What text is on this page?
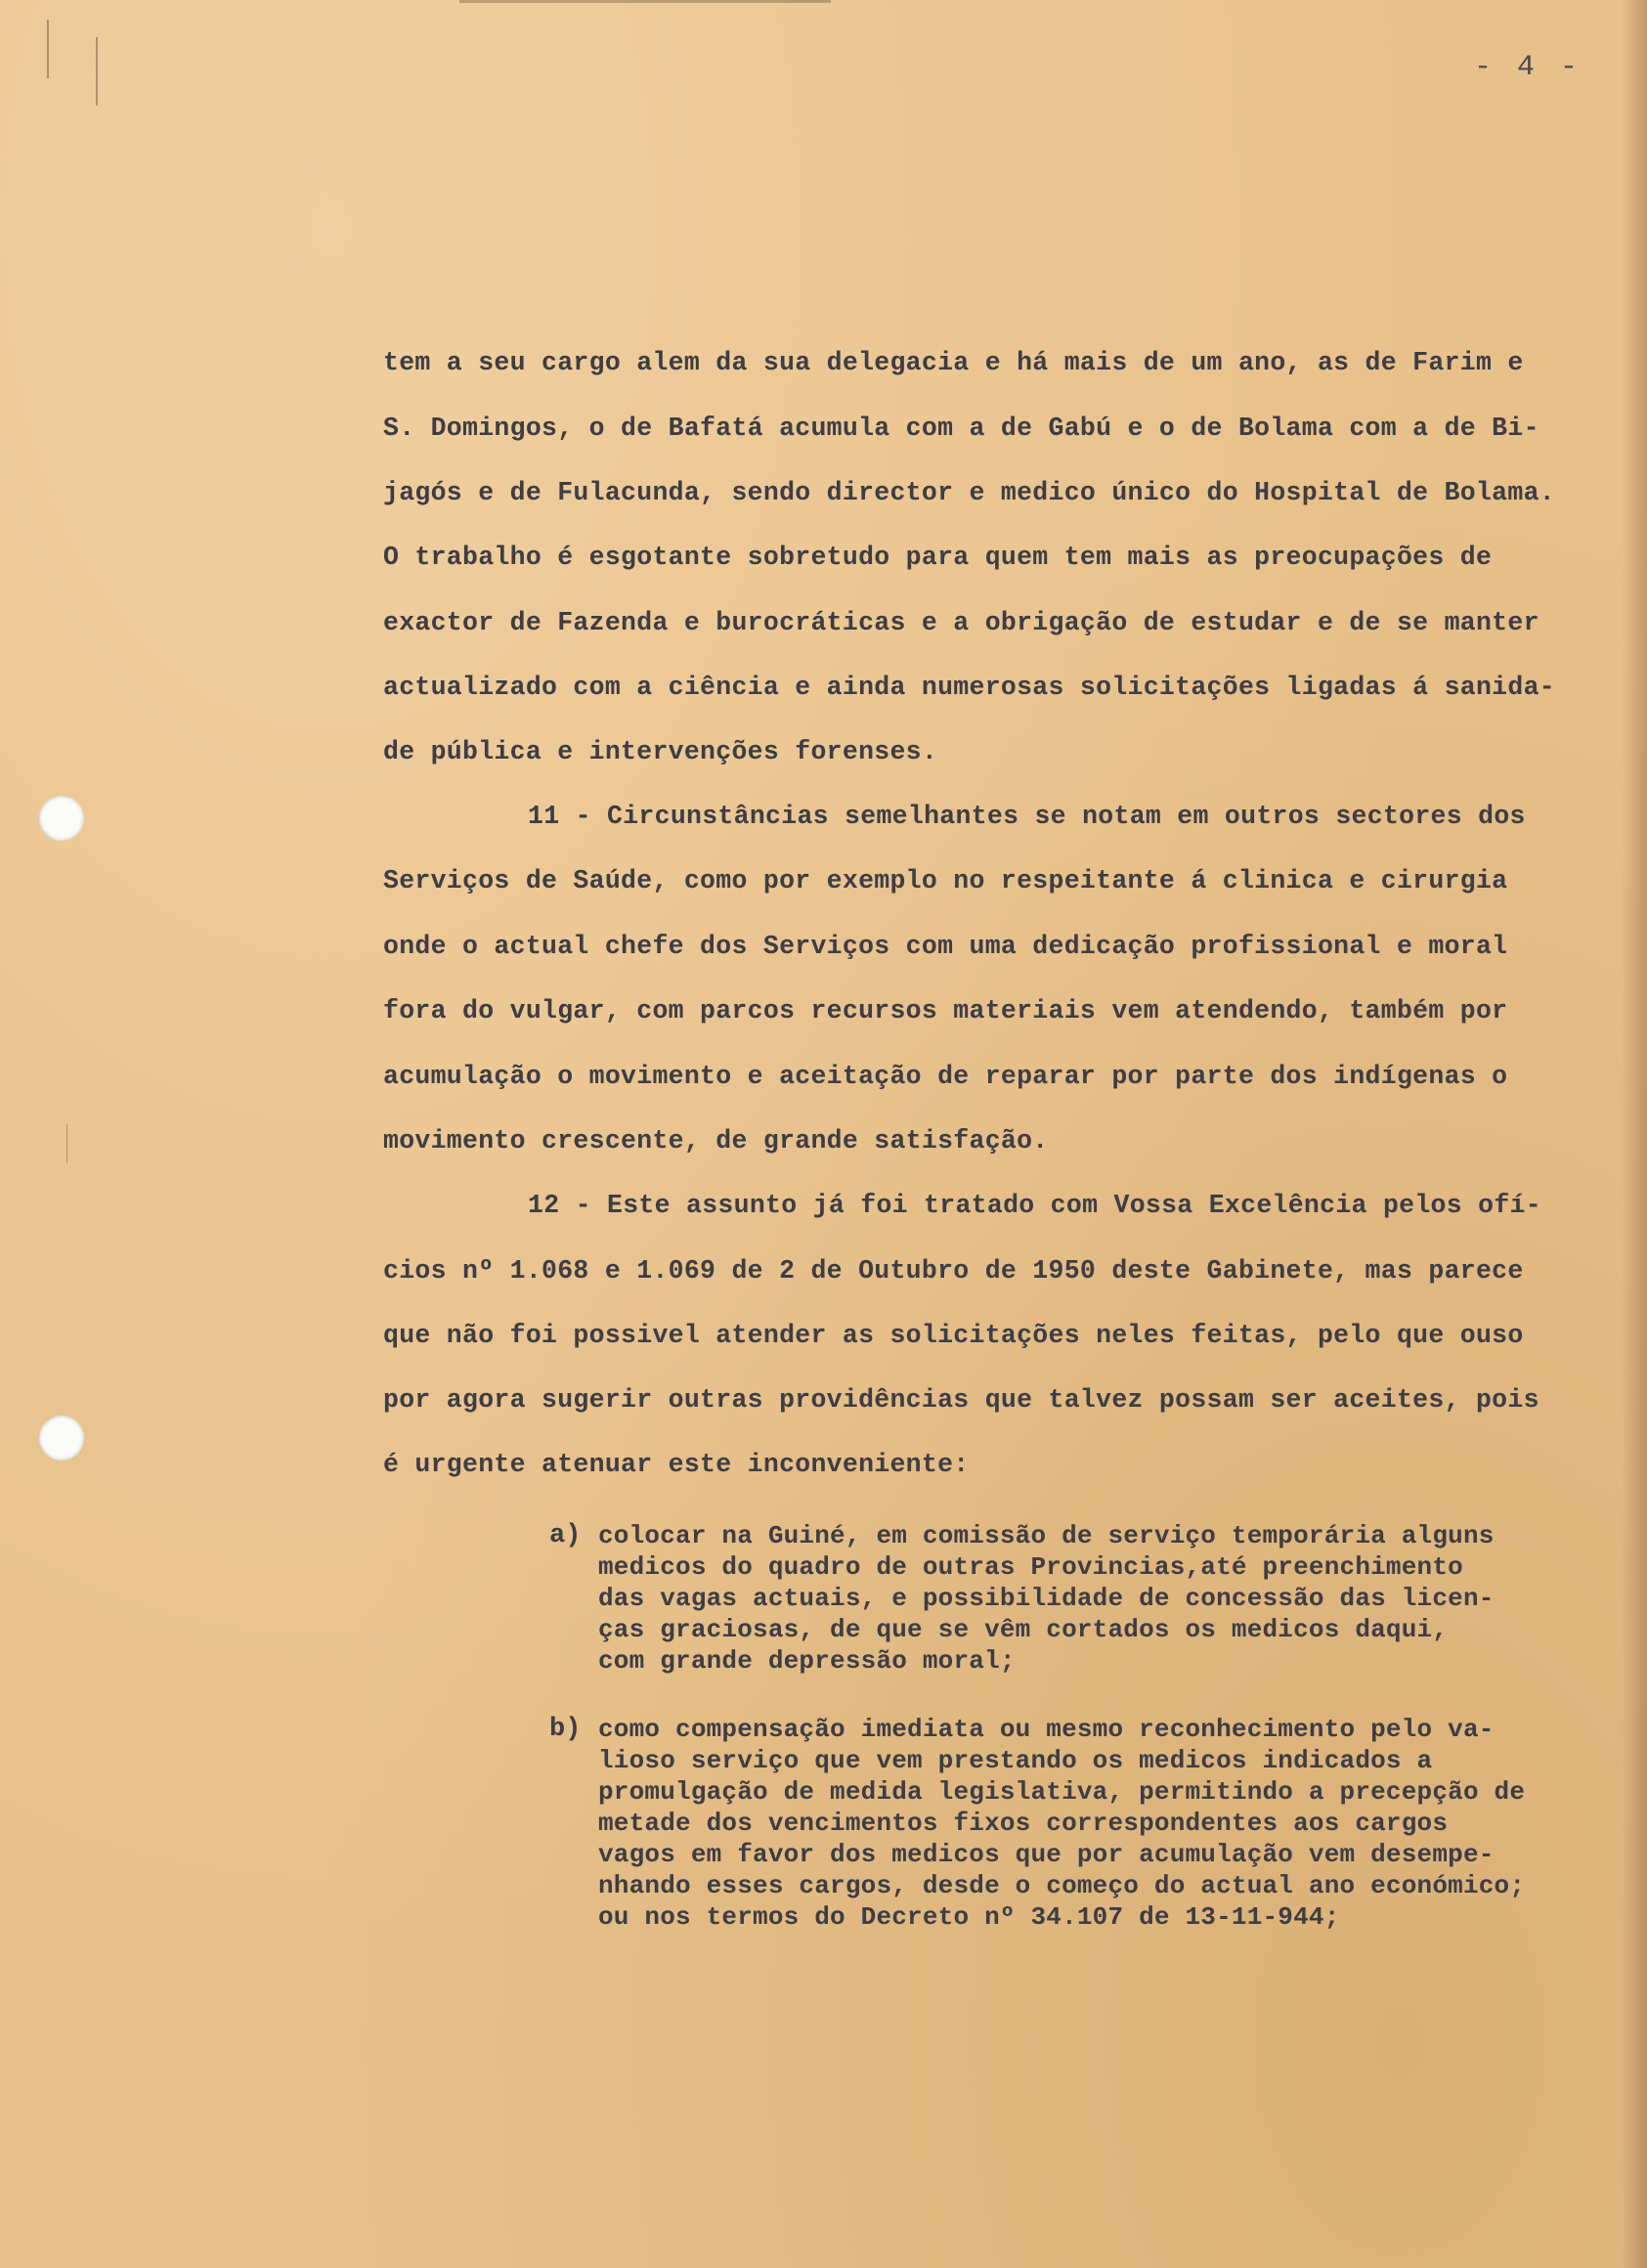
- 4 -
tem a seu cargo alem da sua delegacia e há mais de um ano, as de Farim e
S. Domingos, o de Bafatá acumula com a de Gabú e o de Bolama com a de Bi-
jagós e de Fulacunda, sendo director e medico único do Hospital de Bolama.
O trabalho é esgotante sobretudo para quem tem mais as preocupações de
exactor de Fazenda e burocráticas e a obrigação de estudar e de se manter
actualizado com a ciência e ainda numerosas solicitações ligadas á sanida-
de pública e intervenções forenses.
11 - Circunstâncias semelhantes se notam em outros sectores dos
Serviços de Saúde, como por exemplo no respeitante á clinica e cirurgia
onde o actual chefe dos Serviços com uma dedicação profissional e moral
fora do vulgar, com parcos recursos materiais vem atendendo, também por
acumulação o movimento e aceitação de reparar por parte dos indígenas o
movimento crescente, de grande satisfação.
12 - Este assunto já foi tratado com Vossa Excelência pelos ofí-
cios nº 1.068 e 1.069 de 2 de Outubro de 1950 deste Gabinete, mas parece
que não foi possivel atender as solicitações neles feitas, pelo que ouso
por agora sugerir outras providências que talvez possam ser aceites, pois
é urgente atenuar este inconveniente:
a) colocar na Guiné, em comissão de serviço temporária alguns
medicos do quadro de outras Provincias,até preenchimento
das vagas actuais, e possibilidade de concessão das licen-
ças graciosas, de que se vêm cortados os medicos daqui,
com grande depressão moral;
b) como compensação imediata ou mesmo reconhecimento pelo va-
lioso serviço que vem prestando os medicos indicados a
promulgação de medida legislativa, permitindo a precepção de
metade dos vencimentos fixos correspondentes aos cargos
vagos em favor dos medicos que por acumulação vem desempe-
nhando esses cargos, desde o começo do actual ano económico;
ou nos termos do Decreto nº 34.107 de 13-11-944;
